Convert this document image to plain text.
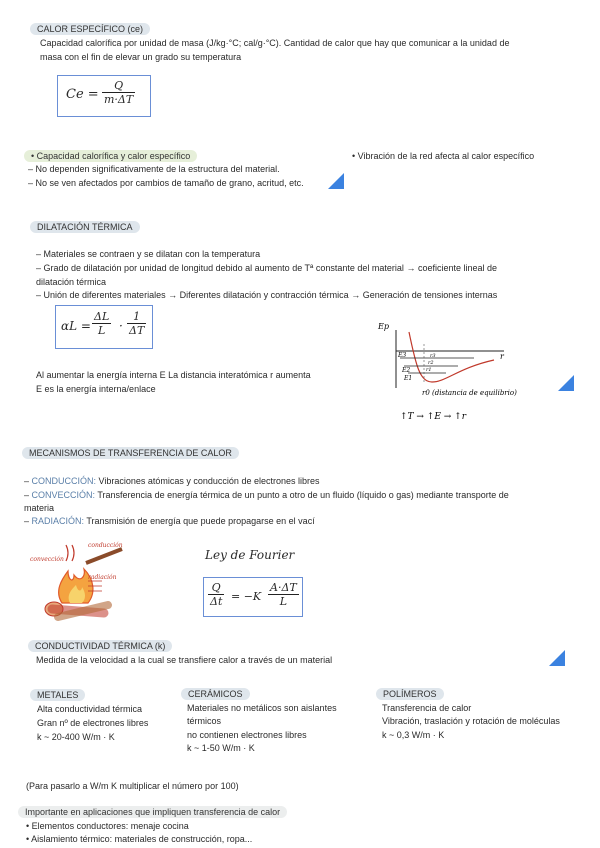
CALOR ESPECÍFICO (ce)
Capacidad calorífica por unidad de masa (J/kg·°C; cal/g·°C). Cantidad de calor que hay que comunicar a la unidad de
masa con el fin de elevar un grado su temperatura
$Ce = \frac{Q}{m\cdot\Delta T}$
• Capacidad calorífica y calor específico
– No dependen significativamente de la estructura del material.
– No se ven afectados por cambios de tamaño de grano, acritud, etc.
• Vibración de la red afecta al calor específico
DILATACIÓN TÉRMICA
– Materiales se contraen y se dilatan con la temperatura
– Grado de dilatación por unidad de longitud debido al aumento de Tª constante del material → coeficiente lineal de
dilatación térmica
– Unión de diferentes materiales → Diferentes dilatación y contracción térmica → Generación de tensiones internas
$\alpha L = \frac{\Delta L}{L} \cdot \frac{1}{\Delta T}$
Al aumentar la energía interna E La distancia interatómica r aumenta
E es la energía interna/enlace
Ep
r
E3
E2
E1
r3
r2
r1
r0 (distancia de equilibrio)
↑T → ↑E → ↑r
MECANISMOS DE TRANSFERENCIA DE CALOR
– CONDUCCIÓN: Vibraciones atómicas y conducción de electrones libres
– CONVECCIÓN: Transferencia de energía térmica de un punto a otro de un fluido (líquido o gas) mediante transporte de
materia
– RADIACIÓN: Transmisión de energía que puede propagarse en el vací
convección
conducción
radiación
Ley de Fourier
$\frac{Q}{\Delta t} = -K \frac{A\cdot\Delta T}{L}$
CONDUCTIVIDAD TÉRMICA (k)
Medida de la velocidad a la cual se transfiere calor a través de un material
METALES
Alta conductividad térmica
Gran nº de electrones libres
k ~ 20-400 W/m · K
CERÁMICOS
Materiales no metálicos son aislantes
térmicos
no contienen electrones libres
k ~ 1-50 W/m · K
POLÍMEROS
Transferencia de calor
Vibración, traslación y rotación de moléculas
k ~ 0,3 W/m · K
(Para pasarlo a W/m K multiplicar el número por 100)
Importante en aplicaciones que impliquen transferencia de calor
• Elementos conductores: menaje cocina
• Aislamiento térmico: materiales de construcción, ropa...
